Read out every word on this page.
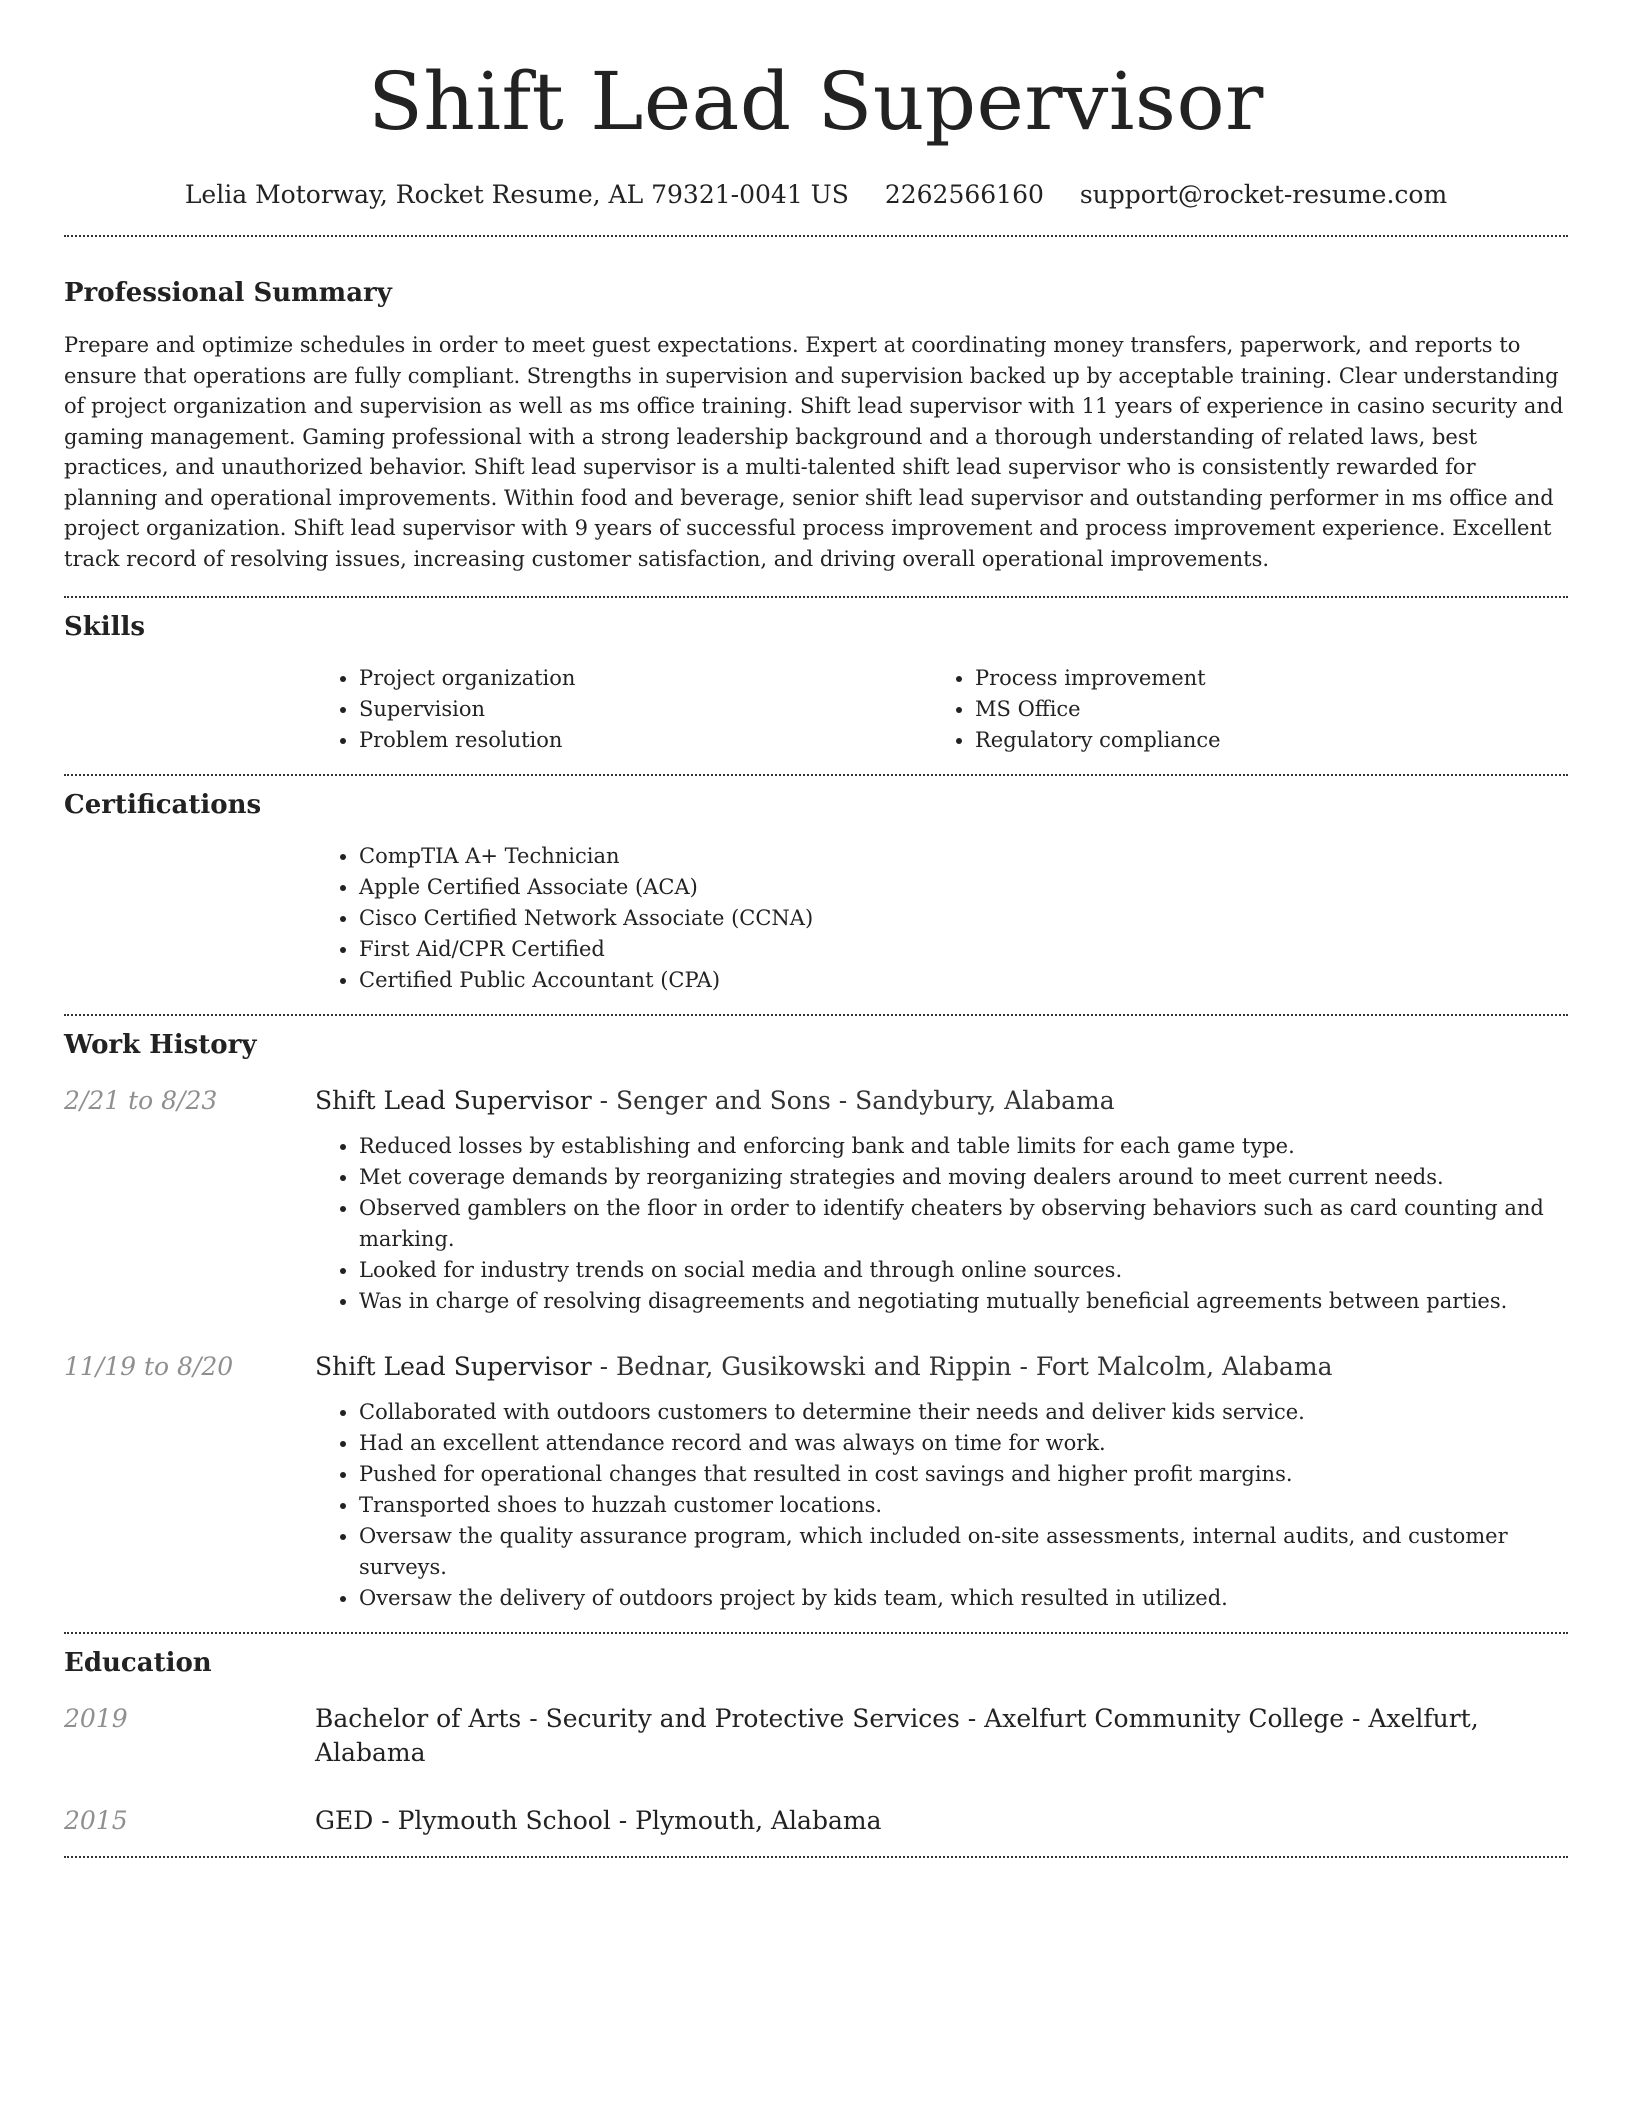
Shift Lead Supervisor
Lelia Motorway, Rocket Resume, AL 79321-0041 US 2262566160 support@rocket-resume.com
Professional Summary

Prepare and optimize schedules in order to meet guest expectations. Expert at coordinating money transfers, paperwork, and reports to ensure that operations are fully compliant. Strengths in supervision and supervision backed up by acceptable training. Clear understanding of project organization and supervision as well as ms office training. Shift lead supervisor with 11 years of experience in casino security and gaming management. Gaming professional with a strong leadership background and a thorough understanding of related laws, best practices, and unauthorized behavior. Shift lead supervisor is a multi-talented shift lead supervisor who is consistently rewarded for planning and operational improvements. Within food and beverage, senior shift lead supervisor and outstanding performer in ms office and project organization. Shift lead supervisor with 9 years of successful process improvement and process improvement experience. Excellent track record of resolving issues, increasing customer satisfaction, and driving overall operational improvements.

Skills
• Project organization
• Supervision
• Problem resolution
• Process improvement
• MS Office
• Regulatory compliance
Certifications
• CompTIA A+ Technician
• Apple Certified Associate (ACA)
• Cisco Certified Network Associate (CCNA)
• First Aid/CPR Certified
• Certified Public Accountant (CPA)
Work History
2/21 to 8/23	Shift Lead Supervisor - Senger and Sons - Sandybury, Alabama
• Reduced losses by establishing and enforcing bank and table limits for each game type.
• Met coverage demands by reorganizing strategies and moving dealers around to meet current needs.
• Observed gamblers on the floor in order to identify cheaters by observing behaviors such as card counting and marking.
• Looked for industry trends on social media and through online sources.
• Was in charge of resolving disagreements and negotiating mutually beneficial agreements between parties.
11/19 to 8/20	Shift Lead Supervisor - Bednar, Gusikowski and Rippin - Fort Malcolm, Alabama
• Collaborated with outdoors customers to determine their needs and deliver kids service.
• Had an excellent attendance record and was always on time for work.
• Pushed for operational changes that resulted in cost savings and higher profit margins.
• Transported shoes to huzzah customer locations.
• Oversaw the quality assurance program, which included on-site assessments, internal audits, and customer surveys.
• Oversaw the delivery of outdoors project by kids team, which resulted in utilized.
Education
2019	Bachelor of Arts - Security and Protective Services - Axelfurt Community College - Axelfurt, Alabama
2015	GED - Plymouth School - Plymouth, Alabama
